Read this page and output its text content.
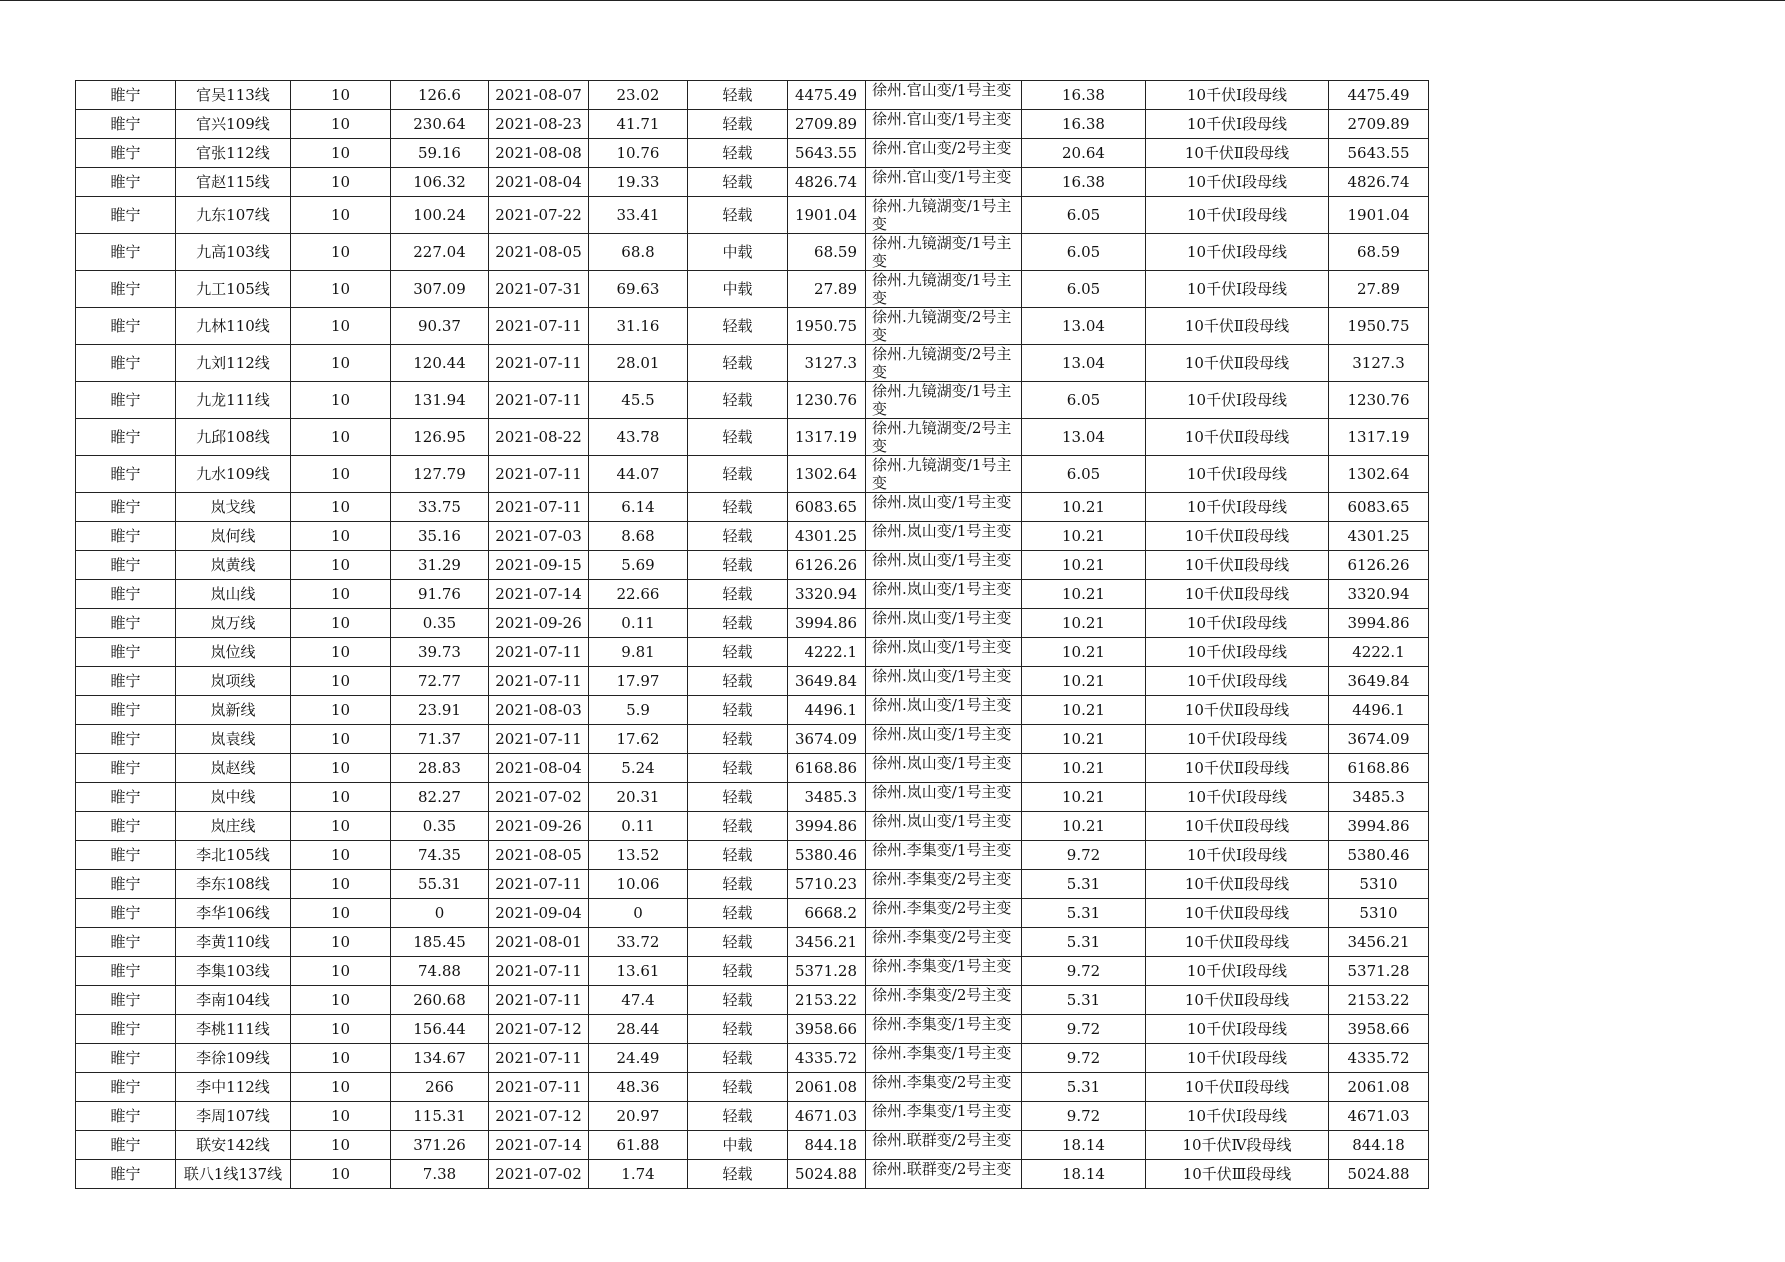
睢宁	官吴113线	10	126.6	2021-08-07	23.02	轻载	4475.49	徐州.官山变/1号主变	16.38	10千伏Ⅰ段母线	4475.49
睢宁	官兴109线	10	230.64	2021-08-23	41.71	轻载	2709.89	徐州.官山变/1号主变	16.38	10千伏Ⅰ段母线	2709.89
睢宁	官张112线	10	59.16	2021-08-08	10.76	轻载	5643.55	徐州.官山变/2号主变	20.64	10千伏Ⅱ段母线	5643.55
睢宁	官赵115线	10	106.32	2021-08-04	19.33	轻载	4826.74	徐州.官山变/1号主变	16.38	10千伏Ⅰ段母线	4826.74
睢宁	九东107线	10	100.24	2021-07-22	33.41	轻载	1901.04	徐州.九镜湖变/1号主变	6.05	10千伏Ⅰ段母线	1901.04
睢宁	九高103线	10	227.04	2021-08-05	68.8	中载	68.59	徐州.九镜湖变/1号主变	6.05	10千伏Ⅰ段母线	68.59
睢宁	九工105线	10	307.09	2021-07-31	69.63	中载	27.89	徐州.九镜湖变/1号主变	6.05	10千伏Ⅰ段母线	27.89
睢宁	九林110线	10	90.37	2021-07-11	31.16	轻载	1950.75	徐州.九镜湖变/2号主变	13.04	10千伏Ⅱ段母线	1950.75
睢宁	九刘112线	10	120.44	2021-07-11	28.01	轻载	3127.3	徐州.九镜湖变/2号主变	13.04	10千伏Ⅱ段母线	3127.3
睢宁	九龙111线	10	131.94	2021-07-11	45.5	轻载	1230.76	徐州.九镜湖变/1号主变	6.05	10千伏Ⅰ段母线	1230.76
睢宁	九邱108线	10	126.95	2021-08-22	43.78	轻载	1317.19	徐州.九镜湖变/2号主变	13.04	10千伏Ⅱ段母线	1317.19
睢宁	九水109线	10	127.79	2021-07-11	44.07	轻载	1302.64	徐州.九镜湖变/1号主变	6.05	10千伏Ⅰ段母线	1302.64
睢宁	岚戈线	10	33.75	2021-07-11	6.14	轻载	6083.65	徐州.岚山变/1号主变	10.21	10千伏Ⅰ段母线	6083.65
睢宁	岚何线	10	35.16	2021-07-03	8.68	轻载	4301.25	徐州.岚山变/1号主变	10.21	10千伏Ⅱ段母线	4301.25
睢宁	岚黄线	10	31.29	2021-09-15	5.69	轻载	6126.26	徐州.岚山变/1号主变	10.21	10千伏Ⅱ段母线	6126.26
睢宁	岚山线	10	91.76	2021-07-14	22.66	轻载	3320.94	徐州.岚山变/1号主变	10.21	10千伏Ⅱ段母线	3320.94
睢宁	岚万线	10	0.35	2021-09-26	0.11	轻载	3994.86	徐州.岚山变/1号主变	10.21	10千伏Ⅰ段母线	3994.86
睢宁	岚位线	10	39.73	2021-07-11	9.81	轻载	4222.1	徐州.岚山变/1号主变	10.21	10千伏Ⅰ段母线	4222.1
睢宁	岚项线	10	72.77	2021-07-11	17.97	轻载	3649.84	徐州.岚山变/1号主变	10.21	10千伏Ⅰ段母线	3649.84
睢宁	岚新线	10	23.91	2021-08-03	5.9	轻载	4496.1	徐州.岚山变/1号主变	10.21	10千伏Ⅱ段母线	4496.1
睢宁	岚袁线	10	71.37	2021-07-11	17.62	轻载	3674.09	徐州.岚山变/1号主变	10.21	10千伏Ⅰ段母线	3674.09
睢宁	岚赵线	10	28.83	2021-08-04	5.24	轻载	6168.86	徐州.岚山变/1号主变	10.21	10千伏Ⅱ段母线	6168.86
睢宁	岚中线	10	82.27	2021-07-02	20.31	轻载	3485.3	徐州.岚山变/1号主变	10.21	10千伏Ⅰ段母线	3485.3
睢宁	岚庄线	10	0.35	2021-09-26	0.11	轻载	3994.86	徐州.岚山变/1号主变	10.21	10千伏Ⅱ段母线	3994.86
睢宁	李北105线	10	74.35	2021-08-05	13.52	轻载	5380.46	徐州.李集变/1号主变	9.72	10千伏Ⅰ段母线	5380.46
睢宁	李东108线	10	55.31	2021-07-11	10.06	轻载	5710.23	徐州.李集变/2号主变	5.31	10千伏Ⅱ段母线	5310
睢宁	李华106线	10	0	2021-09-04	0	轻载	6668.2	徐州.李集变/2号主变	5.31	10千伏Ⅱ段母线	5310
睢宁	李黄110线	10	185.45	2021-08-01	33.72	轻载	3456.21	徐州.李集变/2号主变	5.31	10千伏Ⅱ段母线	3456.21
睢宁	李集103线	10	74.88	2021-07-11	13.61	轻载	5371.28	徐州.李集变/1号主变	9.72	10千伏Ⅰ段母线	5371.28
睢宁	李南104线	10	260.68	2021-07-11	47.4	轻载	2153.22	徐州.李集变/2号主变	5.31	10千伏Ⅱ段母线	2153.22
睢宁	李桃111线	10	156.44	2021-07-12	28.44	轻载	3958.66	徐州.李集变/1号主变	9.72	10千伏Ⅰ段母线	3958.66
睢宁	李徐109线	10	134.67	2021-07-11	24.49	轻载	4335.72	徐州.李集变/1号主变	9.72	10千伏Ⅰ段母线	4335.72
睢宁	李中112线	10	266	2021-07-11	48.36	轻载	2061.08	徐州.李集变/2号主变	5.31	10千伏Ⅱ段母线	2061.08
睢宁	李周107线	10	115.31	2021-07-12	20.97	轻载	4671.03	徐州.李集变/1号主变	9.72	10千伏Ⅰ段母线	4671.03
睢宁	联安142线	10	371.26	2021-07-14	61.88	中载	844.18	徐州.联群变/2号主变	18.14	10千伏Ⅳ段母线	844.18
睢宁	联八1线137线	10	7.38	2021-07-02	1.74	轻载	5024.88	徐州.联群变/2号主变	18.14	10千伏Ⅲ段母线	5024.88
